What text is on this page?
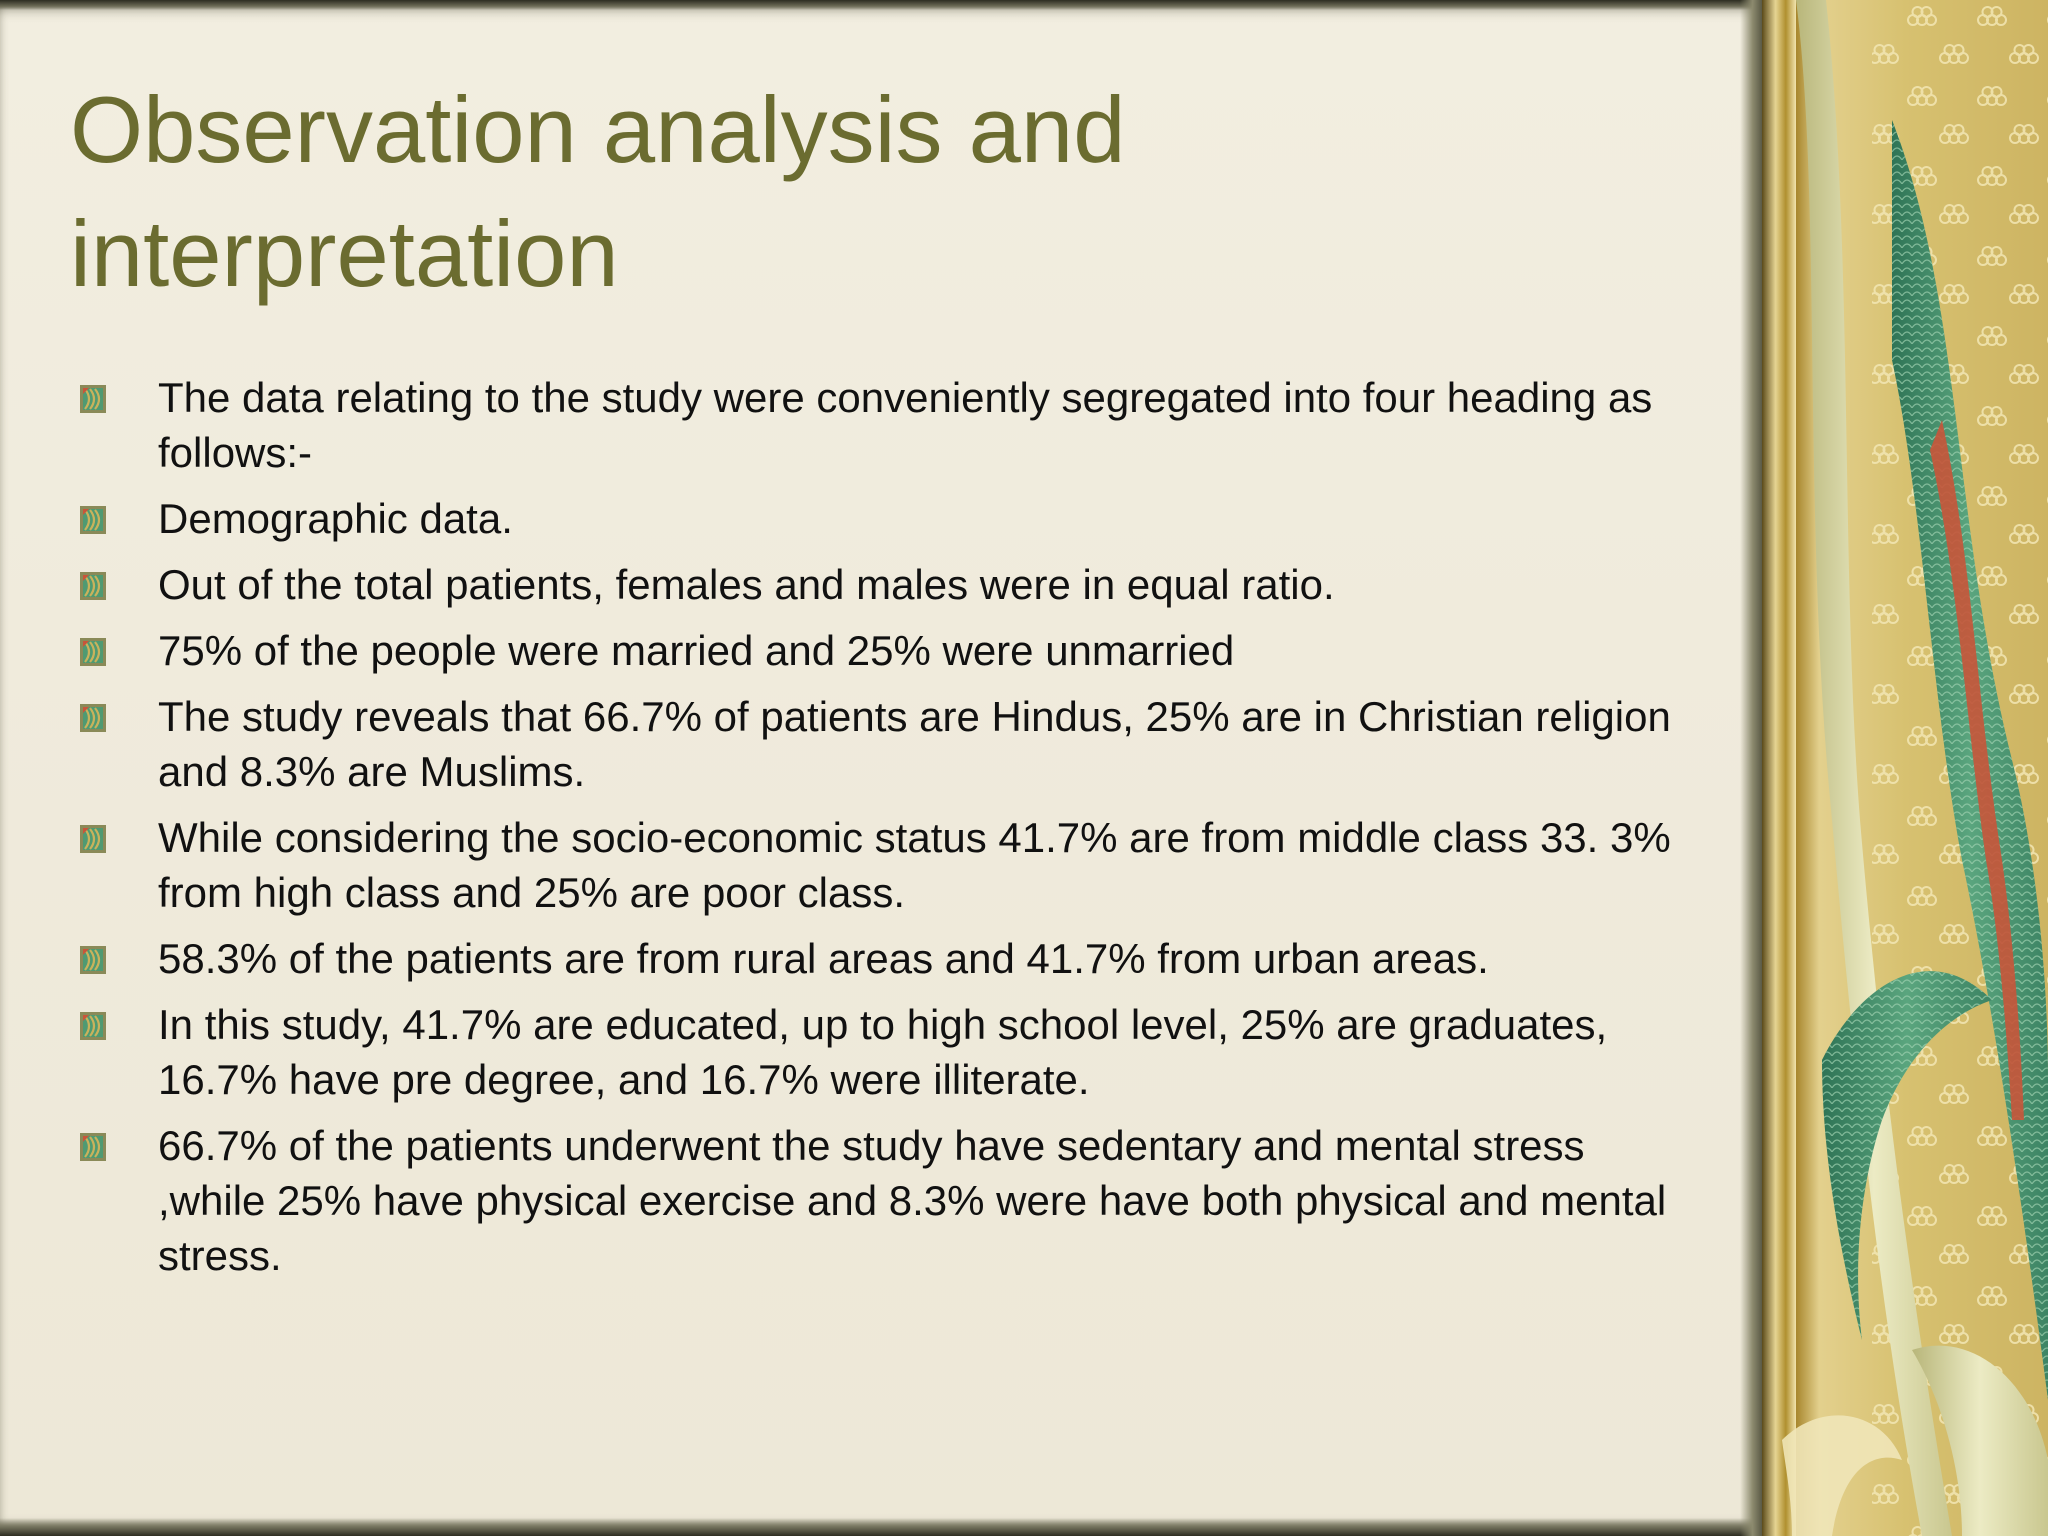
Observation analysis and interpretation
The data relating to the study were conveniently segregated into four heading as follows:-
Demographic data.
Out of the total patients, females and males were in equal ratio.
75% of the people were married and 25% were unmarried
The study reveals that 66.7% of patients are Hindus, 25% are in Christian religion and 8.3% are Muslims.
While considering the socio-economic status 41.7% are from middle class 33. 3% from high class and 25% are poor class.
58.3% of the patients are from rural areas and 41.7% from urban areas.
In this study, 41.7% are educated, up to high school level, 25% are graduates, 16.7% have pre degree, and 16.7% were illiterate.
66.7% of the patients underwent the study have sedentary and mental stress ,while 25% have physical exercise and 8.3% were have both physical and mental stress.
